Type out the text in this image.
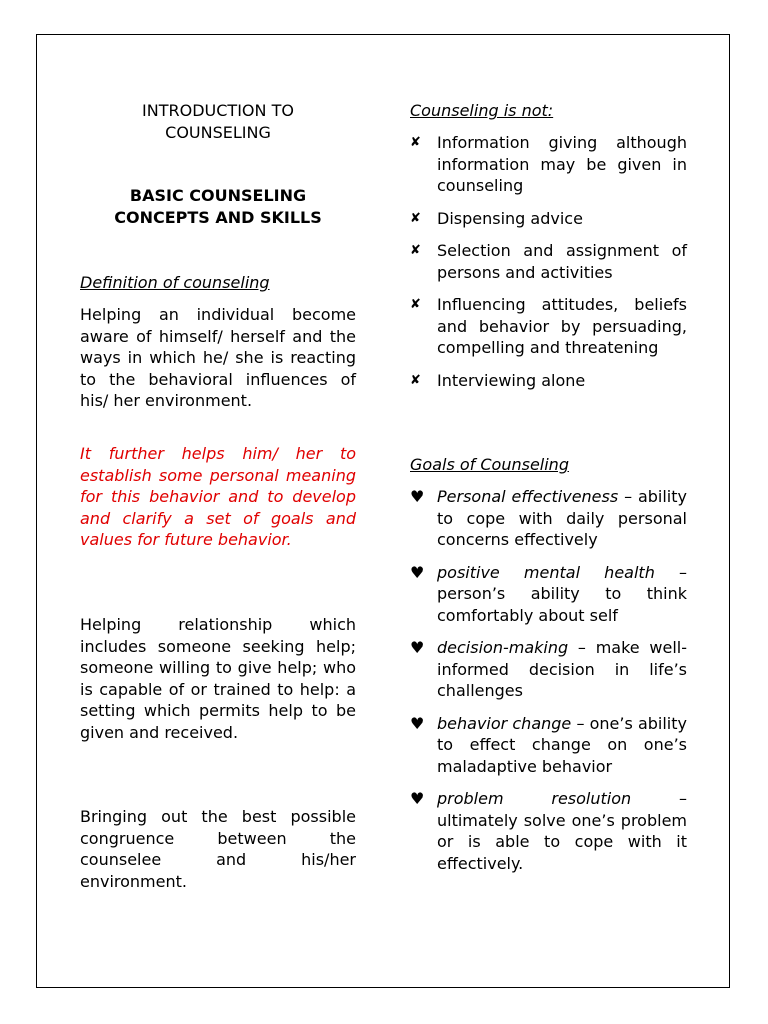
INTRODUCTION TO
COUNSELING
BASIC COUNSELING
CONCEPTS AND SKILLS
Definition of counseling
Helping an individual become aware of himself/ herself and the ways in which he/ she is reacting to the behavioral influences of his/ her environment.
It further helps him/ her to establish some personal meaning for this behavior and to develop and clarify a set of goals and values for future behavior.
Helping relationship which includes someone seeking help; someone willing to give help; who is capable of or trained to help: a setting which permits help to be given and received.
Bringing out the best possible congruence between the counselee and his/her environment.
Counseling is not:
✘ Information giving although information may be given in counseling
✘ Dispensing advice
✘ Selection and assignment of persons and activities
✘ Influencing attitudes, beliefs and behavior by persuading, compelling and threatening
✘ Interviewing alone
Goals of Counseling
♥ Personal effectiveness – ability to cope with daily personal concerns effectively
♥ positive mental health – person’s ability to think comfortably about self
♥ decision-making – make well-informed decision in life’s challenges
♥ behavior change – one’s ability to effect change on one’s maladaptive behavior
♥ problem resolution – ultimately solve one’s problem or is able to cope with it effectively.
